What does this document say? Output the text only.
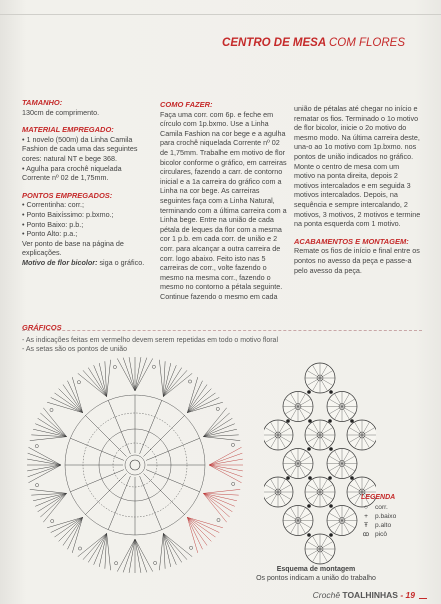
CENTRO DE MESA COM FLORES

TAMANHO:

130cm de comprimento.

MATERIAL EMPREGADO:

• 1 novelo (500m) da Linha Camila Fashion de cada uma das seguintes cores: natural NT e bege 368.

• Agulha para crochê niquelada Corrente nº 02 de 1,75mm.

PONTOS EMPREGADOS:

• Correntinha: corr.;

• Ponto Baixíssimo: p.bxmo.;

• Ponto Baixo: p.b.;

• Ponto Alto: p.a.;

Ver ponto de base na página de explicações.

Motivo de flor bicolor: siga o gráfico.

COMO FAZER:

Faça uma corr. com 6p. e feche em círculo com 1p.bxmo. Use a Linha Camila Fashion na cor bege e a agulha para crochê niquelada Corrente nº 02 de 1,75mm. Trabalhe em motivo de flor bicolor conforme o gráfico, em carreiras circulares, fazendo a carr. de contorno inicial e a 1a carreira do gráfico com a Linha na cor bege. As carreiras seguintes faça com a Linha Natural, terminando com a última carreira com a Linha bege. Entre na união de cada pétala de leques da flor com a mesma cor 1 p.b. em cada corr. de união e 2 corr. para alcançar a outra carreira de corr. logo abaixo. Feito isto nas 5 carreiras de corr., volte fazendo o mesmo na mesma corr., fazendo o mesmo no contorno a pétala seguinte. Continue fazendo o mesmo em cada

união de pétalas até chegar no início e rematar os fios. Terminado o 1o motivo de flor bicolor, inicie o 2o motivo do mesmo modo. Na última carreira deste, una-o ao 1o motivo com 1p.bxmo. nos pontos de união indicados no gráfico. Monte o centro de mesa com um motivo na ponta direita, depois 2 motivos intercalados e em seguida 3 motivos intercalados. Depois, na sequência e sempre intercalando, 2 motivos, 3 motivos, 2 motivos e termine na ponta esquerda com 1 motivo.

ACABAMENTOS E MONTAGEM:

Remate os fios de início e final entre os pontos no avesso da peça e passe-a pelo avesso da peça.

GRÁFICOS
- As indicações feitas em vermelho devem serem repetidas em todo o motivo floral
- As setas são os pontos de união
LEGENDA
○	corr.
+	p.baixo
Ŧ	p.alto
ꝏ picô
Esquema de montagem
Os pontos indicam a união do trabalho
Crochê TOALHINHAS - 19
